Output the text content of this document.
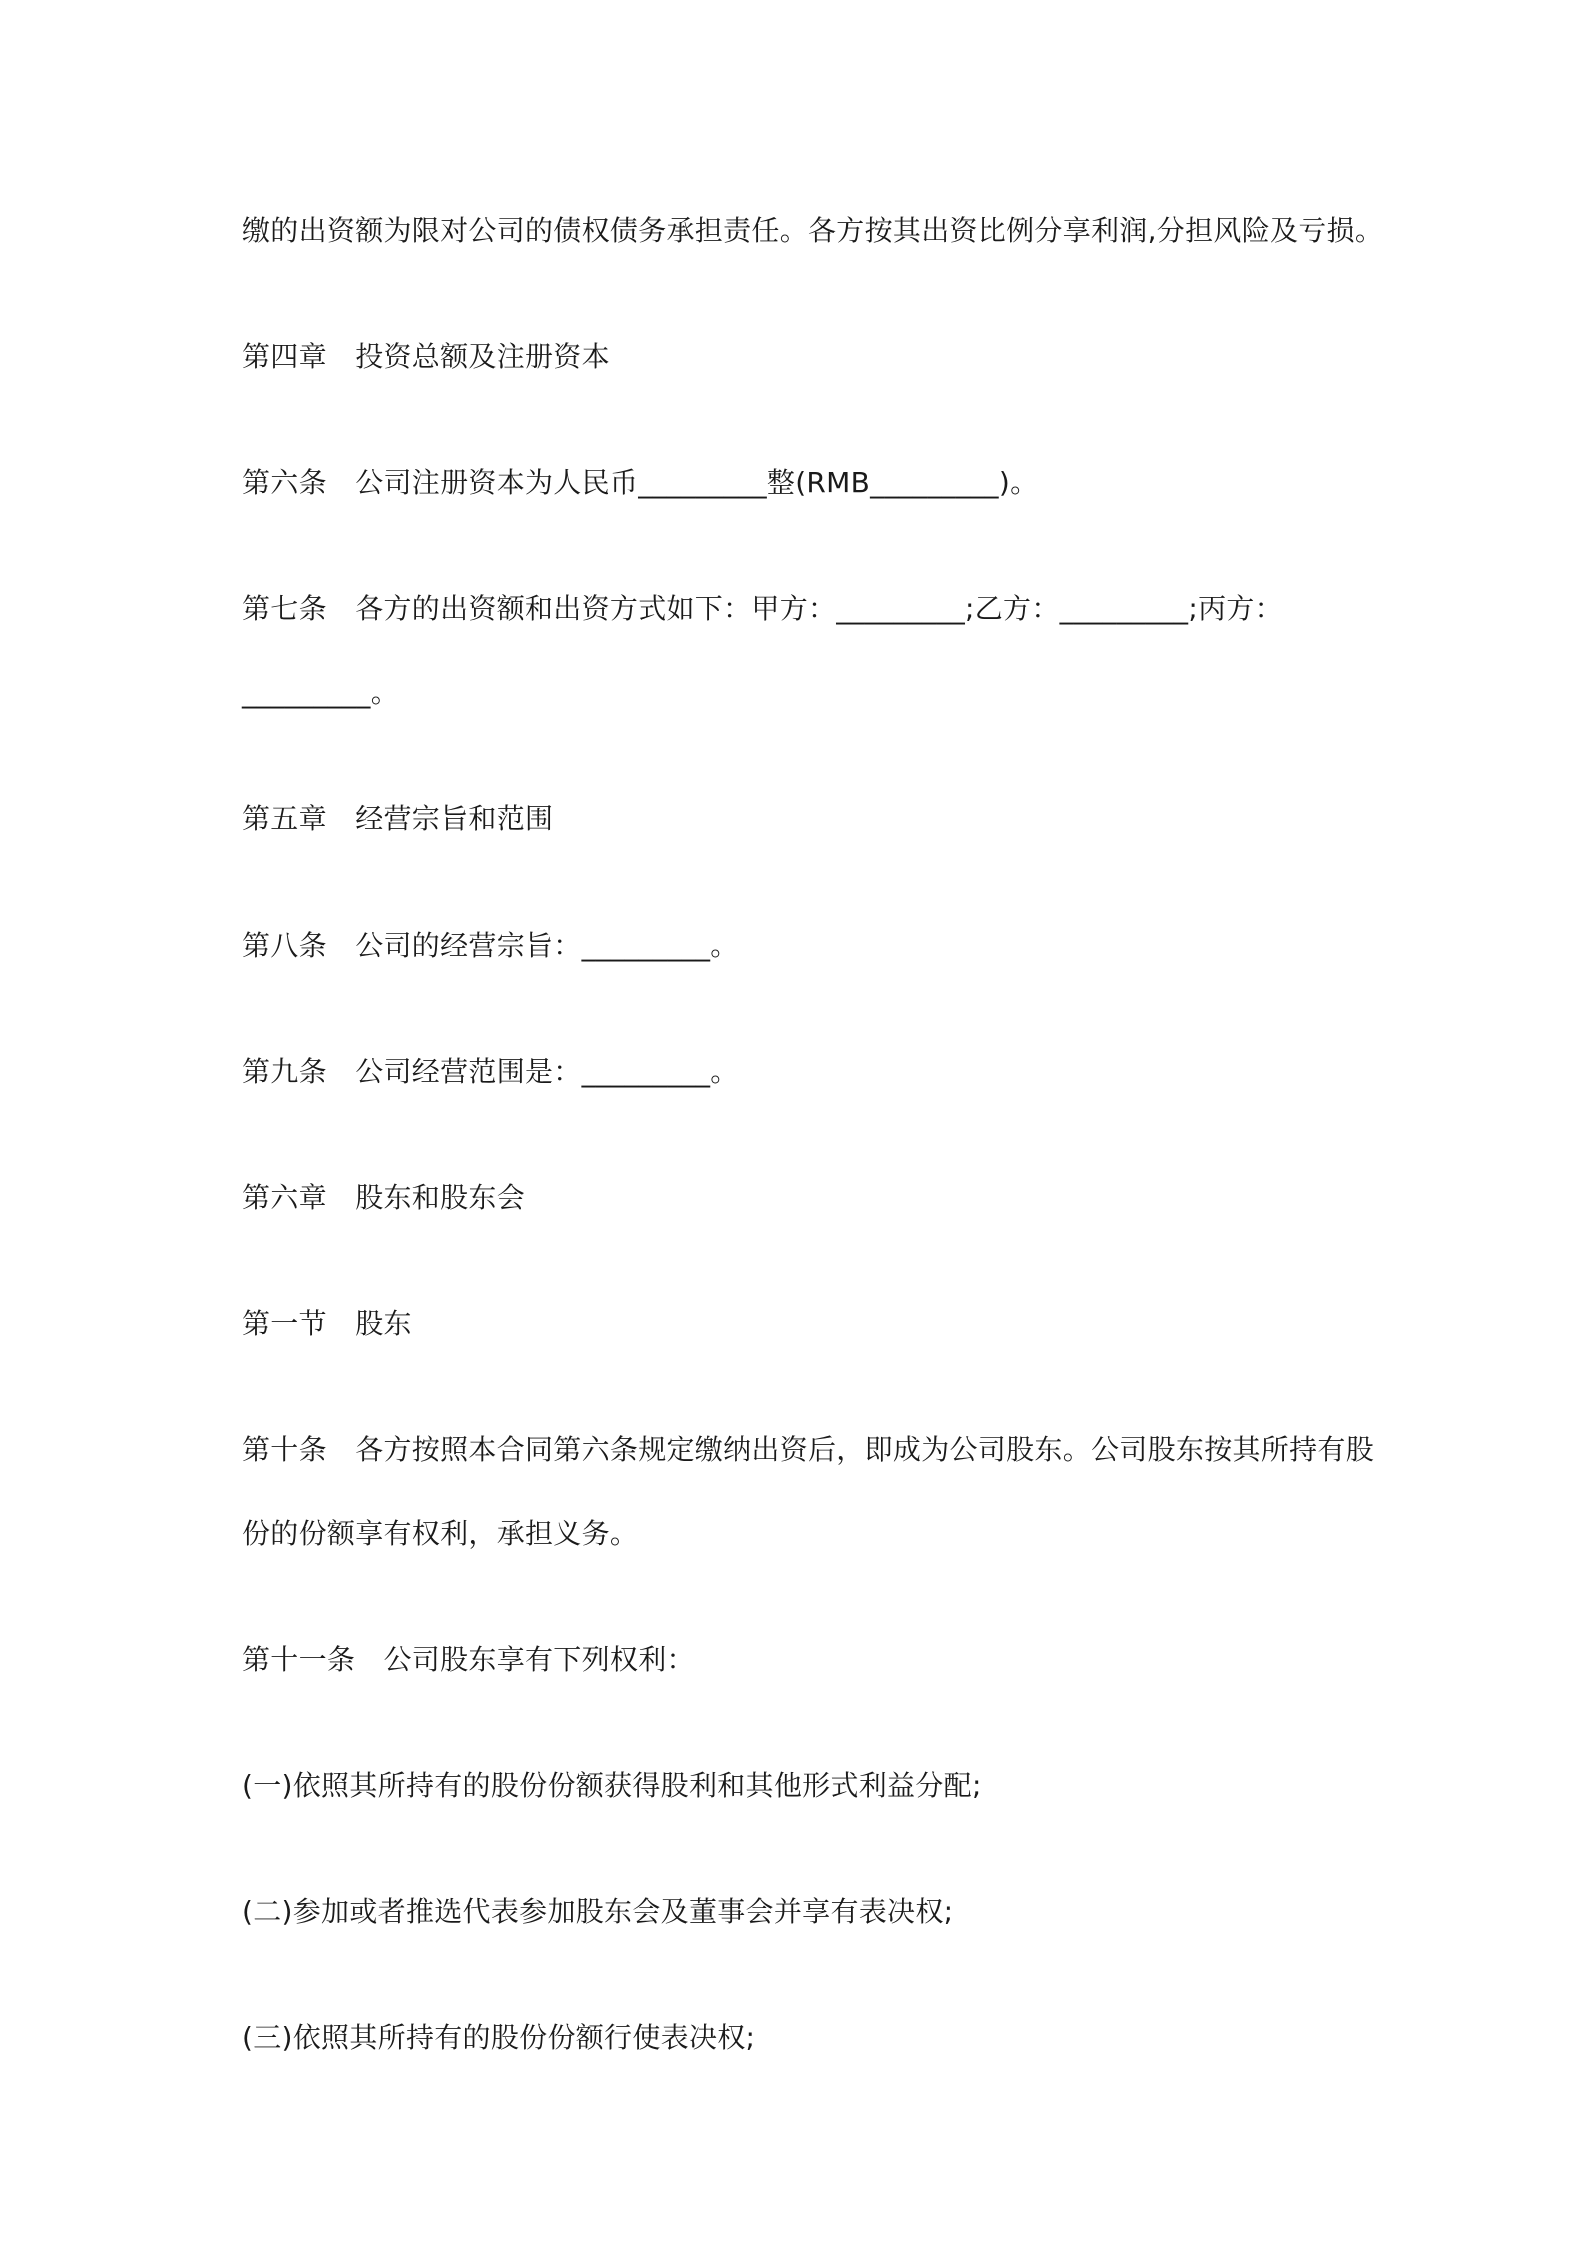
缴的出资额为限对公司的债权债务承担责任。各方按其出资比例分享利润,分担风险及亏损。
第四章　投资总额及注册资本
第六条　公司注册资本为人民币_________整(RMB_________)。
第七条　各方的出资额和出资方式如下：甲方：_________;乙方：_________;丙方：
_________。
第五章　经营宗旨和范围
第八条　公司的经营宗旨：_________。
第九条　公司经营范围是：_________。
第六章　股东和股东会
第一节　股东
第十条　各方按照本合同第六条规定缴纳出资后，即成为公司股东。公司股东按其所持有股
份的份额享有权利，承担义务。
第十一条　公司股东享有下列权利：
(一)依照其所持有的股份份额获得股利和其他形式利益分配;
(二)参加或者推选代表参加股东会及董事会并享有表决权;
(三)依照其所持有的股份份额行使表决权;
